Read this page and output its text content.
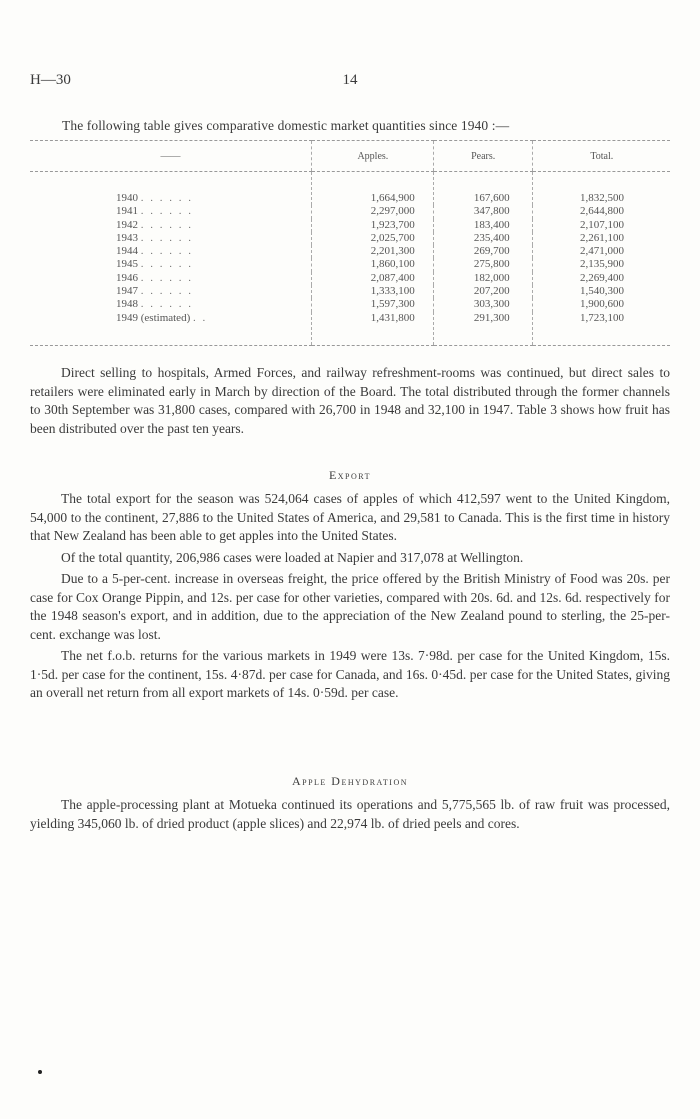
H—30	14
The following table gives comparative domestic market quantities since 1940 :—
——	Apples.	Pears.	Total.
1940 . . . . . .	1,664,900	167,600	1,832,500
1941 . . . . . .	2,297,000	347,800	2,644,800
1942 . . . . . .	1,923,700	183,400	2,107,100
1943 . . . . . .	2,025,700	235,400	2,261,100
1944 . . . . . .	2,201,300	269,700	2,471,000
1945 . . . . . .	1,860,100	275,800	2,135,900
1946 . . . . . .	2,087,400	182,000	2,269,400
1947 . . . . . .	1,333,100	207,200	1,540,300
1948 . . . . . .	1,597,300	303,300	1,900,600
1949 (estimated) . .	1,431,800	291,300	1,723,100

Direct selling to hospitals, Armed Forces, and railway refreshment-rooms was continued, but direct sales to retailers were eliminated early in March by direction of the Board. The total distributed through the former channels to 30th September was 31,800 cases, compared with 26,700 in 1948 and 32,100 in 1947. Table 3 shows how fruit has been distributed over the past ten years.

Export

The total export for the season was 524,064 cases of apples of which 412,597 went to the United Kingdom, 54,000 to the continent, 27,886 to the United States of America, and 29,581 to Canada. This is the first time in history that New Zealand has been able to get apples into the United States.

Of the total quantity, 206,986 cases were loaded at Napier and 317,078 at Wellington.

Due to a 5-per-cent. increase in overseas freight, the price offered by the British Ministry of Food was 20s. per case for Cox Orange Pippin, and 12s. per case for other varieties, compared with 20s. 6d. and 12s. 6d. respectively for the 1948 season's export, and in addition, due to the appreciation of the New Zealand pound to sterling, the 25-per-cent. exchange was lost.

The net f.o.b. returns for the various markets in 1949 were 13s. 7·98d. per case for the United Kingdom, 15s. 1·5d. per case for the continent, 15s. 4·87d. per case for Canada, and 16s. 0·45d. per case for the United States, giving an overall net return from all export markets of 14s. 0·59d. per case.

Apple Dehydration

The apple-processing plant at Motueka continued its operations and 5,775,565 lb. of raw fruit was processed, yielding 345,060 lb. of dried product (apple slices) and 22,974 lb. of dried peels and cores.
